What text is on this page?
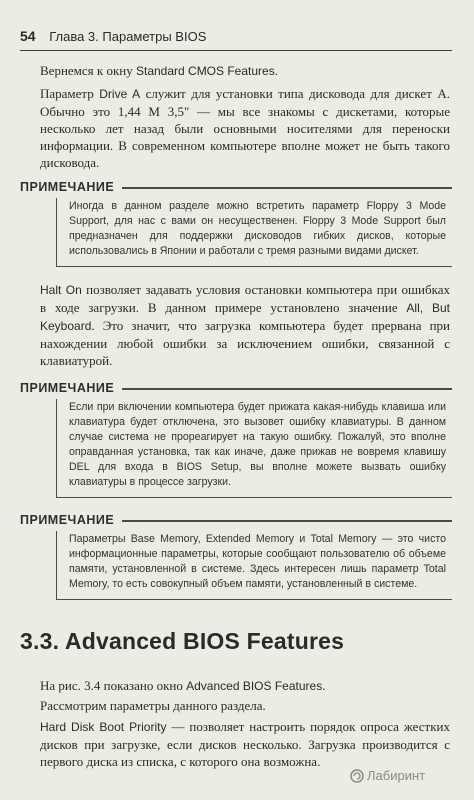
54 Глава 3. Параметры BIOS
Вернемся к окну Standard CMOS Features.
Параметр Drive A служит для установки типа дисковода для дискет А. Обычно это 1,44 М 3,5" — мы все знакомы с дискетами, которые несколько лет назад были основными носителями для переноски информации. В современном компьютере вполне может не быть такого дисковода.
ПРИМЕЧАНИЕ
Иногда в данном разделе можно встретить параметр Floppy 3 Mode Support, для нас с вами он несущественен. Floppy 3 Mode Support был предназначен для поддержки дисководов гибких дисков, которые использовались в Японии и работали с тремя разными видами дискет.
Halt On позволяет задавать условия остановки компьютера при ошибках в ходе загрузки. В данном примере установлено значение All, But Keyboard. Это значит, что загрузка компьютера будет прервана при нахождении любой ошибки за исключением ошибки, связанной с клавиатурой.
ПРИМЕЧАНИЕ
Если при включении компьютера будет прижата какая-нибудь клавиша или клавиатура будет отключена, это вызовет ошибку клавиатуры. В данном случае система не прореагирует на такую ошибку. Пожалуй, это вполне оправданная установка, так как иначе, даже прижав не вовремя клавишу DEL для входа в BIOS Setup, вы вполне можете вызвать ошибку клавиатуры в процессе загрузки.
ПРИМЕЧАНИЕ
Параметры Base Memory, Extended Memory и Total Memory — это чисто информационные параметры, которые сообщают пользователю об объеме памяти, установленной в системе. Здесь интересен лишь параметр Total Memory, то есть совокупный объем памяти, установленный в системе.
3.3. Advanced BIOS Features
На рис. 3.4 показано окно Advanced BIOS Features.
Рассмотрим параметры данного раздела.
Hard Disk Boot Priority — позволяет настроить порядок опроса жестких дисков при загрузке, если дисков несколько. Загрузка производится с первого диска из списка, с которого она возможна.
Лабиринт
